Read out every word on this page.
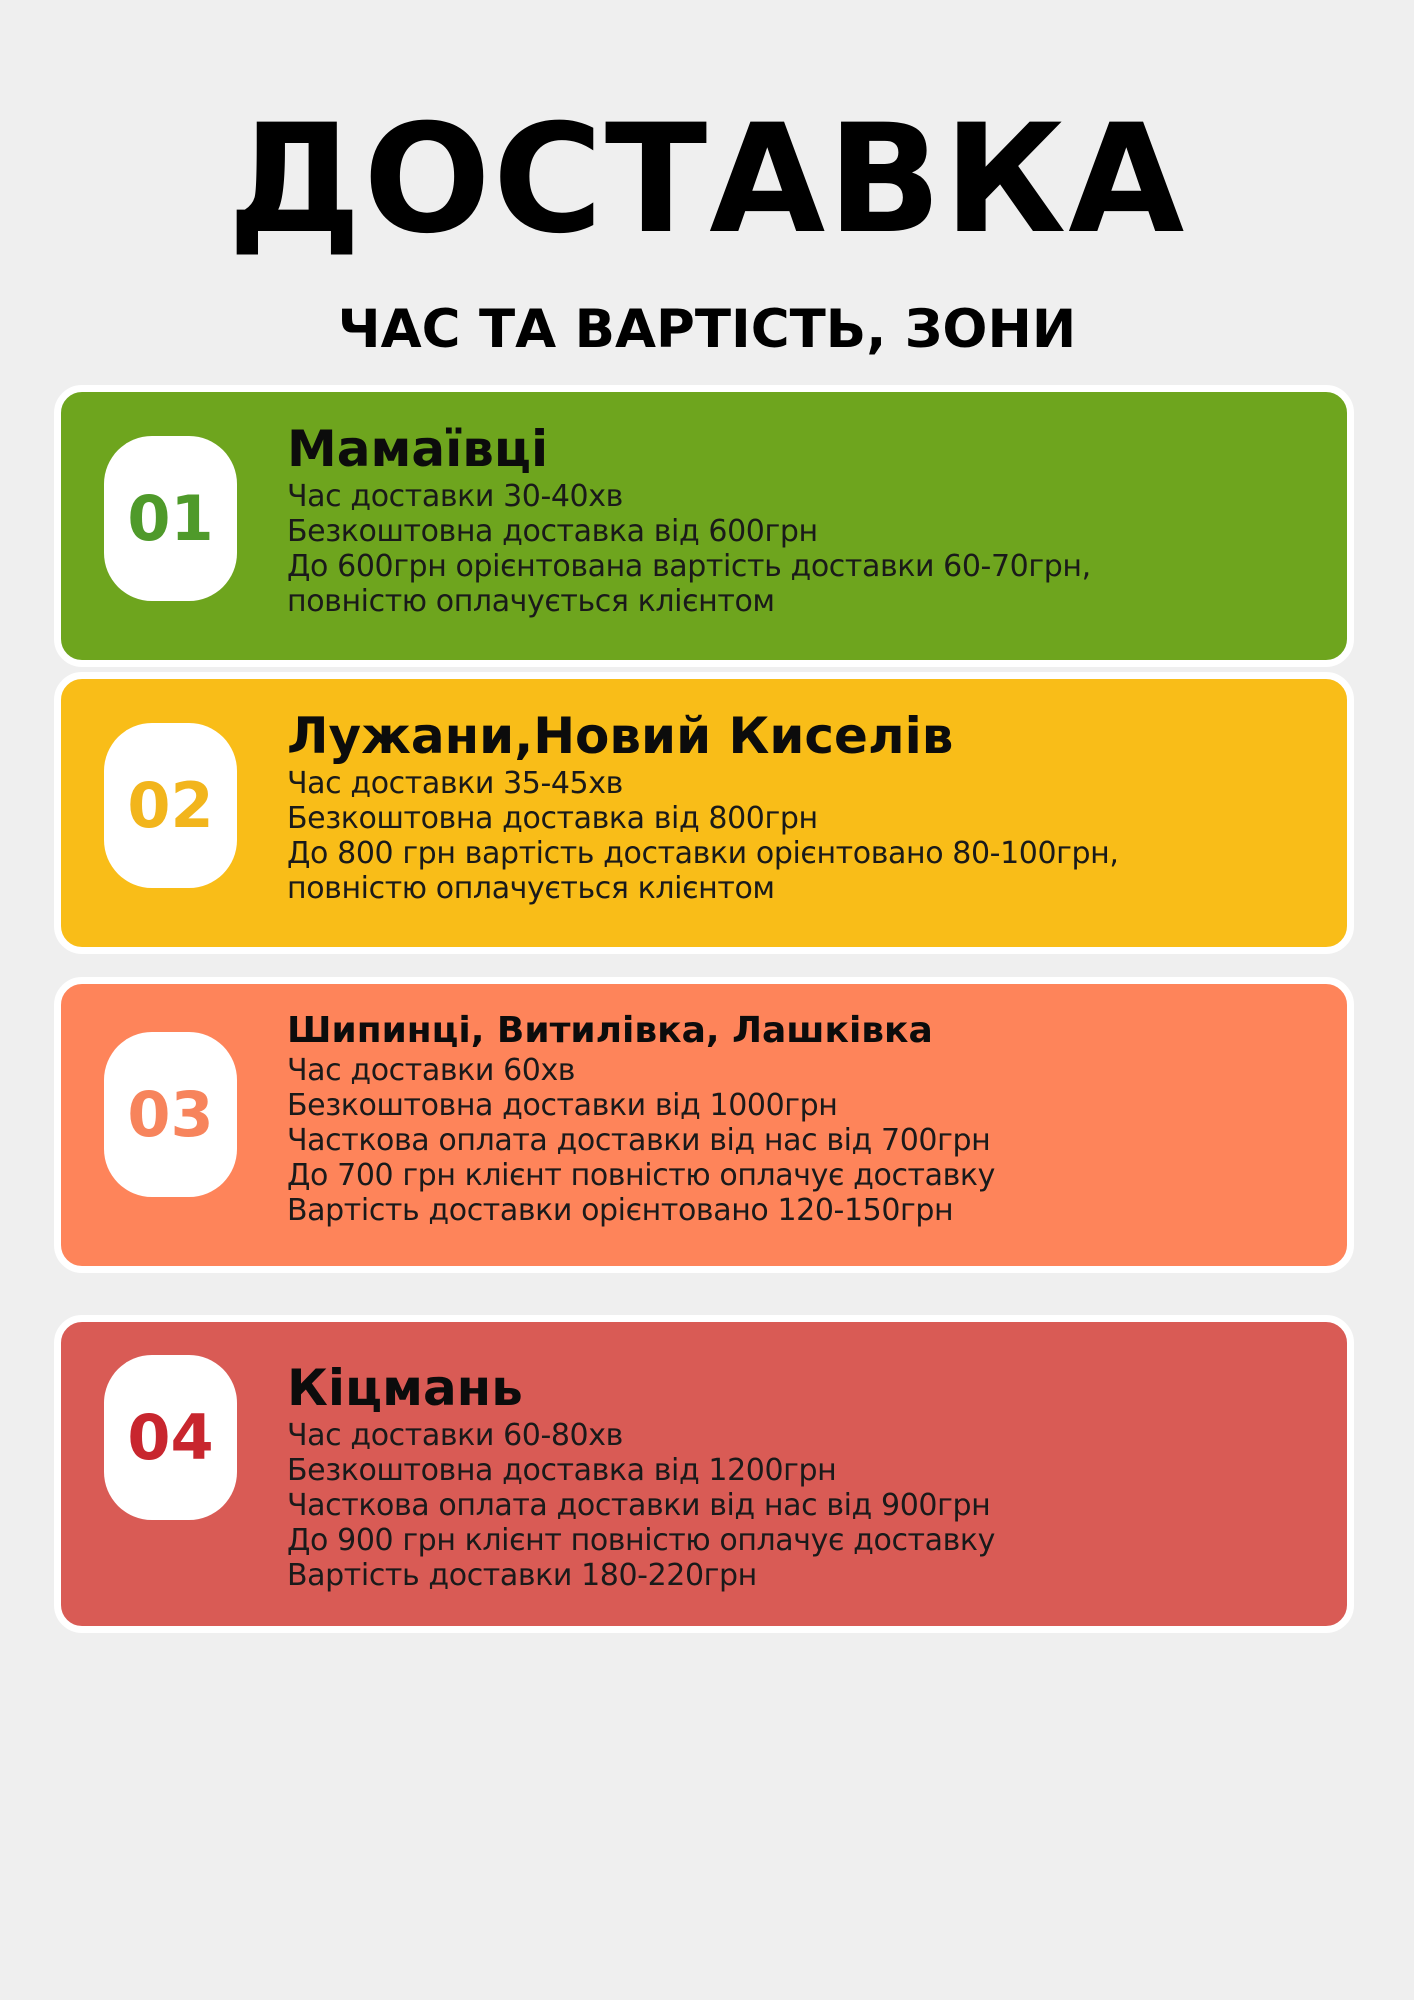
ДОСТАВКА
ЧАС ТА ВАРТІСТЬ, ЗОНИ
01
Мамаївці
Час доставки 30-40хв
Безкоштовна доставка від 600грн
До 600грн орієнтована вартість доставки 60-70грн,
повністю оплачується клієнтом
02
Лужани,Новий Киселів
Час доставки 35-45хв
Безкоштовна доставка від 800грн
До 800 грн вартість доставки орієнтовано 80-100грн,
повністю оплачується клієнтом
03
Шипинці, Витилівка, Лашківка
Час доставки 60хв
Безкоштовна доставки від 1000грн
Часткова оплата доставки від нас від 700грн
До 700 грн клієнт повністю оплачує доставку
Вартість доставки орієнтовано 120-150грн
04
Кіцмань
Час доставки 60-80хв
Безкоштовна доставка від 1200грн
Часткова оплата доставки від нас від 900грн
До 900 грн клієнт повністю оплачує доставку
Вартість доставки 180-220грн
